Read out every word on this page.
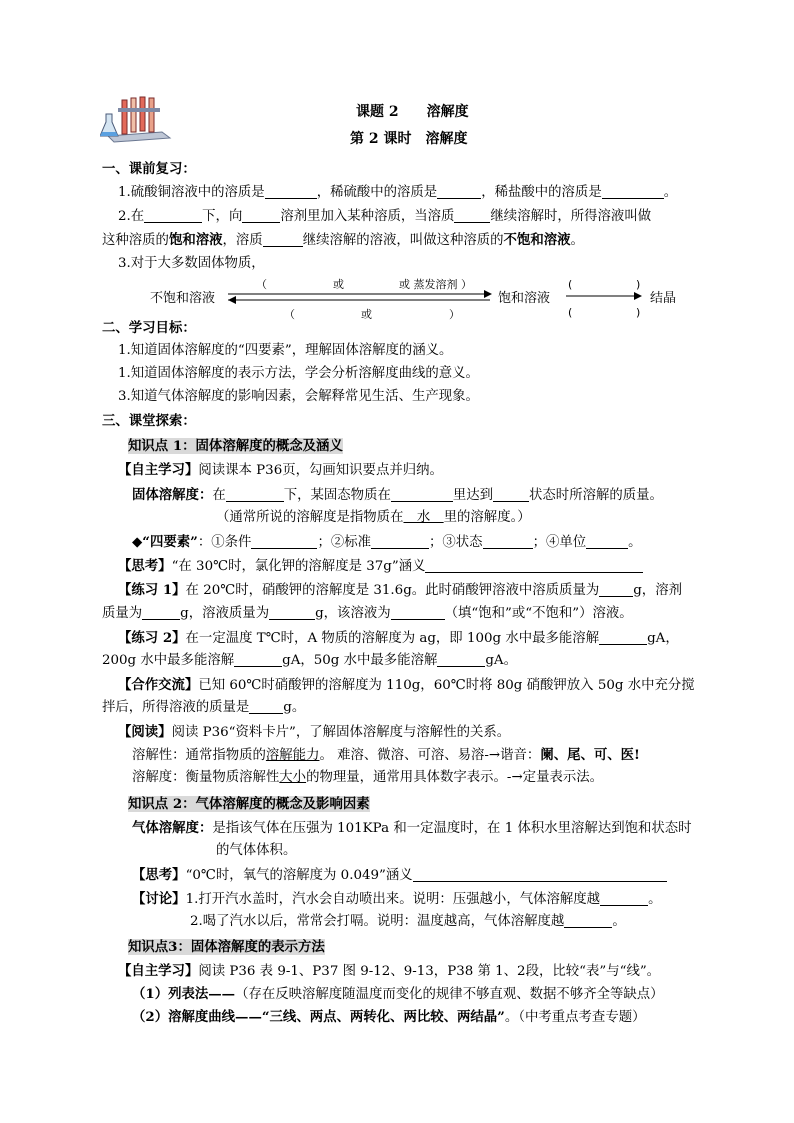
课题 2　　溶解度
第 2 课时　溶解度
一、课前复习：
1.硫酸铜溶液中的溶质是	，稀硫酸中的溶质是	，稀盐酸中的溶质是	。
2.在	下，向	溶剂里加入某种溶质，当溶质	继续溶解时，所得溶液叫做
这种溶质的饱和溶液，溶质	继续溶解的溶液，叫做这种溶质的不饱和溶液。
3.对于大多数固体物质，
不饱和溶液	饱和溶液	结晶
（　　　　　　或　　　　　或 蒸发溶剂 ）
（　　　　　　或　　　　　　　）
(	)
(	)
二、学习目标：
1.知道固体溶解度的“四要素”，理解固体溶解度的涵义。
1.知道固体溶解度的表示方法，学会分析溶解度曲线的意义。
3.知道气体溶解度的影响因素，会解释常见生活、生产现象。
三、课堂探索：
知识点 1：固体溶解度的概念及涵义
【自主学习】阅读课本 P36页，勾画知识要点并归纳。
固体溶解度：在	下，某固态物质在	里达到	状态时所溶解的质量。
（通常所说的溶解度是指物质在　水　里的溶解度。）
◆“四要素”：①条件	；②标准	；③状态	；④单位	。
【思考】“在 30℃时，氯化钾的溶解度是 37g”涵义
【练习 1】在 20℃时，硝酸钾的溶解度是 31.6g。此时硝酸钾溶液中溶质质量为	g，溶剂
质量为	g，溶液质量为	g，该溶液为	（填“饱和”或“不饱和”）溶液。
【练习 2】在一定温度 T℃时，A 物质的溶解度为 ag，即 100g 水中最多能溶解	gA，
200g 水中最多能溶解	gA，50g 水中最多能溶解	gA。
【合作交流】已知 60℃时硝酸钾的溶解度为 110g，60℃时将 80g 硝酸钾放入 50g 水中充分搅
拌后，所得溶液的质量是	g。
【阅读】阅读 P36“资料卡片”，了解固体溶解度与溶解性的关系。
溶解性：通常指物质的溶解能力。 难溶、微溶、可溶、易溶-→谐音：阑、尾、可、医!
溶解度：衡量物质溶解性大小的物理量，通常用具体数字表示。-→定量表示法。
知识点 2：气体溶解度的概念及影响因素
气体溶解度：是指该气体在压强为 101KPa 和一定温度时，在 1 体积水里溶解达到饱和状态时
的气体体积。
【思考】“0℃时，氧气的溶解度为 0.049”涵义
【讨论】1.打开汽水盖时，汽水会自动喷出来。说明：压强越小，气体溶解度越	。
2.喝了汽水以后，常常会打嗝。说明：温度越高，气体溶解度越	。
知识点3：固体溶解度的表示方法
【自主学习】阅读 P36 表 9-1、P37 图 9-12、9-13，P38 第 1、2段，比较“表”与“线”。
（1）列表法——（存在反映溶解度随温度而变化的规律不够直观、数据不够齐全等缺点）
（2）溶解度曲线——“三线、两点、两转化、两比较、两结晶”。（中考重点考查专题）
